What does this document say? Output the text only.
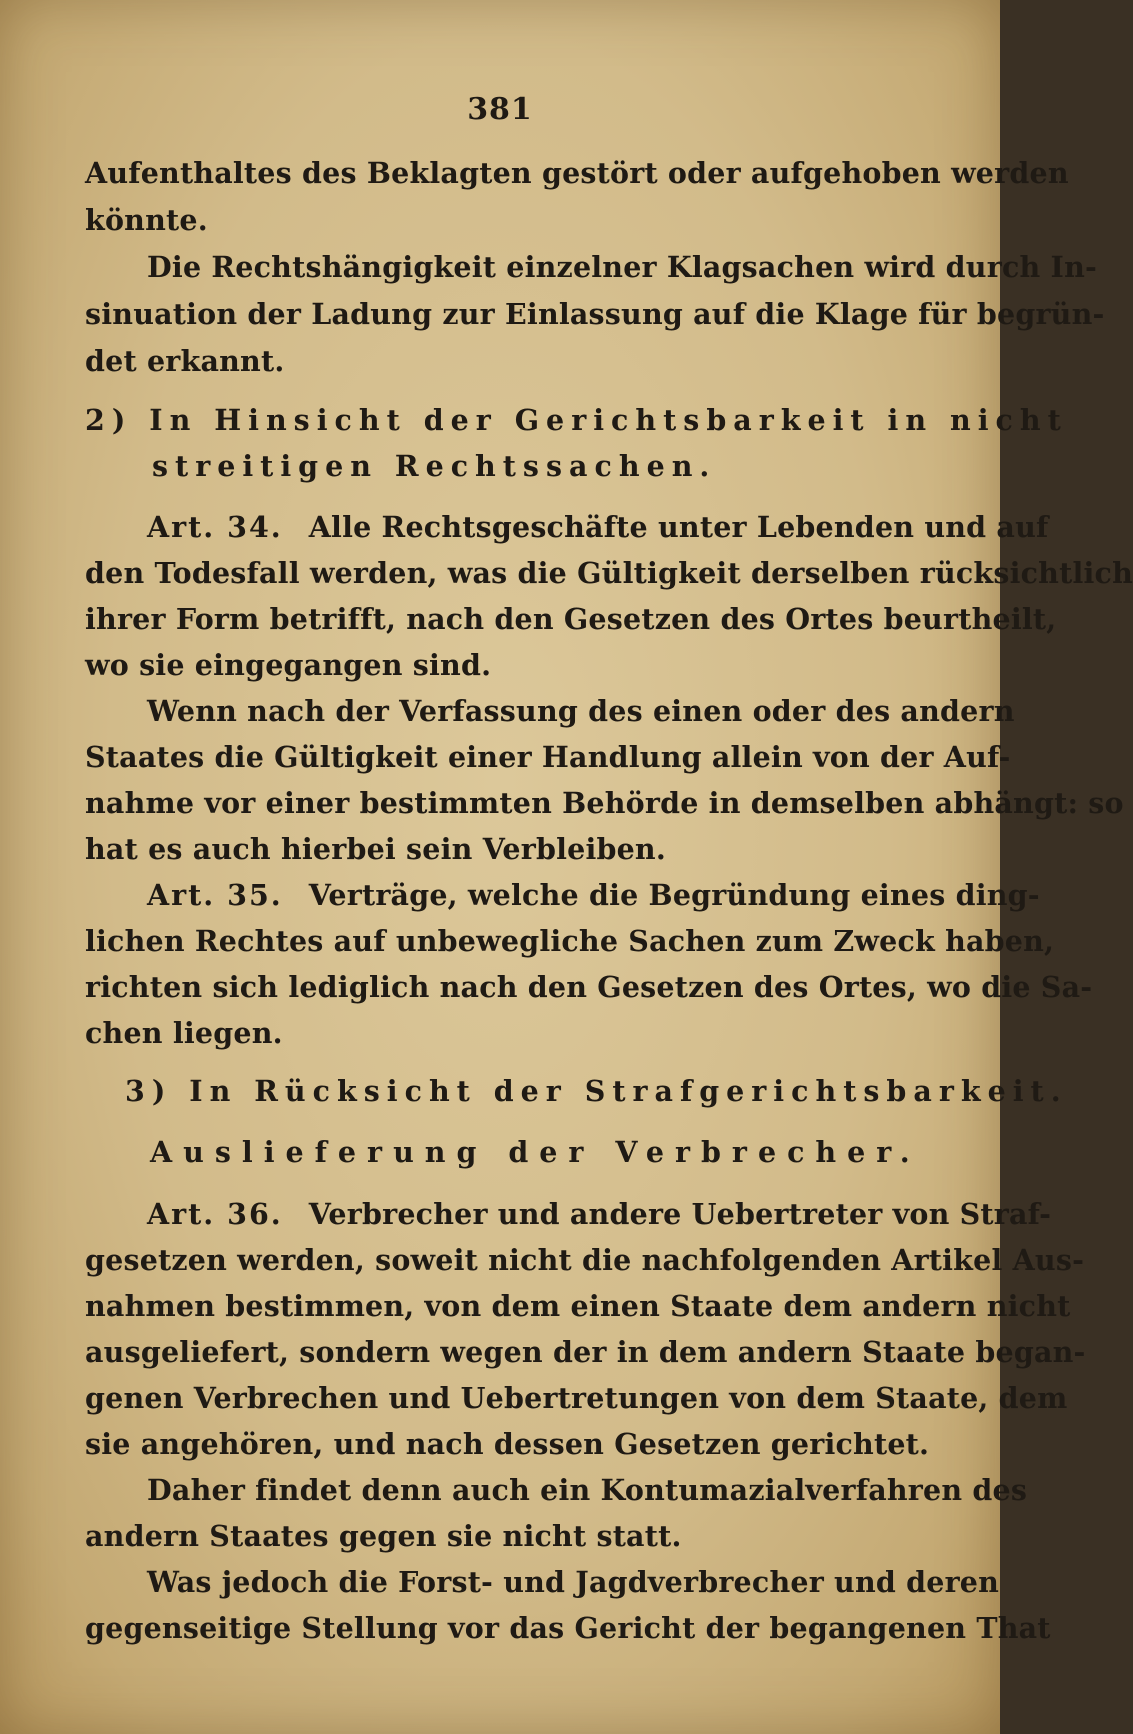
381
Aufenthaltes des Beklagten gestört oder aufgehoben werden
könnte.
Die Rechtshängigkeit einzelner Klagsachen wird durch In-
sinuation der Ladung zur Einlassung auf die Klage für begrün-
det erkannt.
2) In Hinsicht der Gerichtsbarkeit in nicht
streitigen Rechtssachen.
Art. 34. Alle Rechtsgeschäfte unter Lebenden und auf
den Todesfall werden, was die Gültigkeit derselben rücksichtlich
ihrer Form betrifft, nach den Gesetzen des Ortes beurtheilt,
wo sie eingegangen sind.
Wenn nach der Verfassung des einen oder des andern
Staates die Gültigkeit einer Handlung allein von der Auf-
nahme vor einer bestimmten Behörde in demselben abhängt: so
hat es auch hierbei sein Verbleiben.
Art. 35. Verträge, welche die Begründung eines ding-
lichen Rechtes auf unbewegliche Sachen zum Zweck haben,
richten sich lediglich nach den Gesetzen des Ortes, wo die Sa-
chen liegen.
3) In Rücksicht der Strafgerichtsbarkeit.
Auslieferung der Verbrecher.
Art. 36. Verbrecher und andere Uebertreter von Straf-
gesetzen werden, soweit nicht die nachfolgenden Artikel Aus-
nahmen bestimmen, von dem einen Staate dem andern nicht
ausgeliefert, sondern wegen der in dem andern Staate began-
genen Verbrechen und Uebertretungen von dem Staate, dem
sie angehören, und nach dessen Gesetzen gerichtet.
Daher findet denn auch ein Kontumazialverfahren des
andern Staates gegen sie nicht statt.
Was jedoch die Forst- und Jagdverbrecher und deren
gegenseitige Stellung vor das Gericht der begangenen That
